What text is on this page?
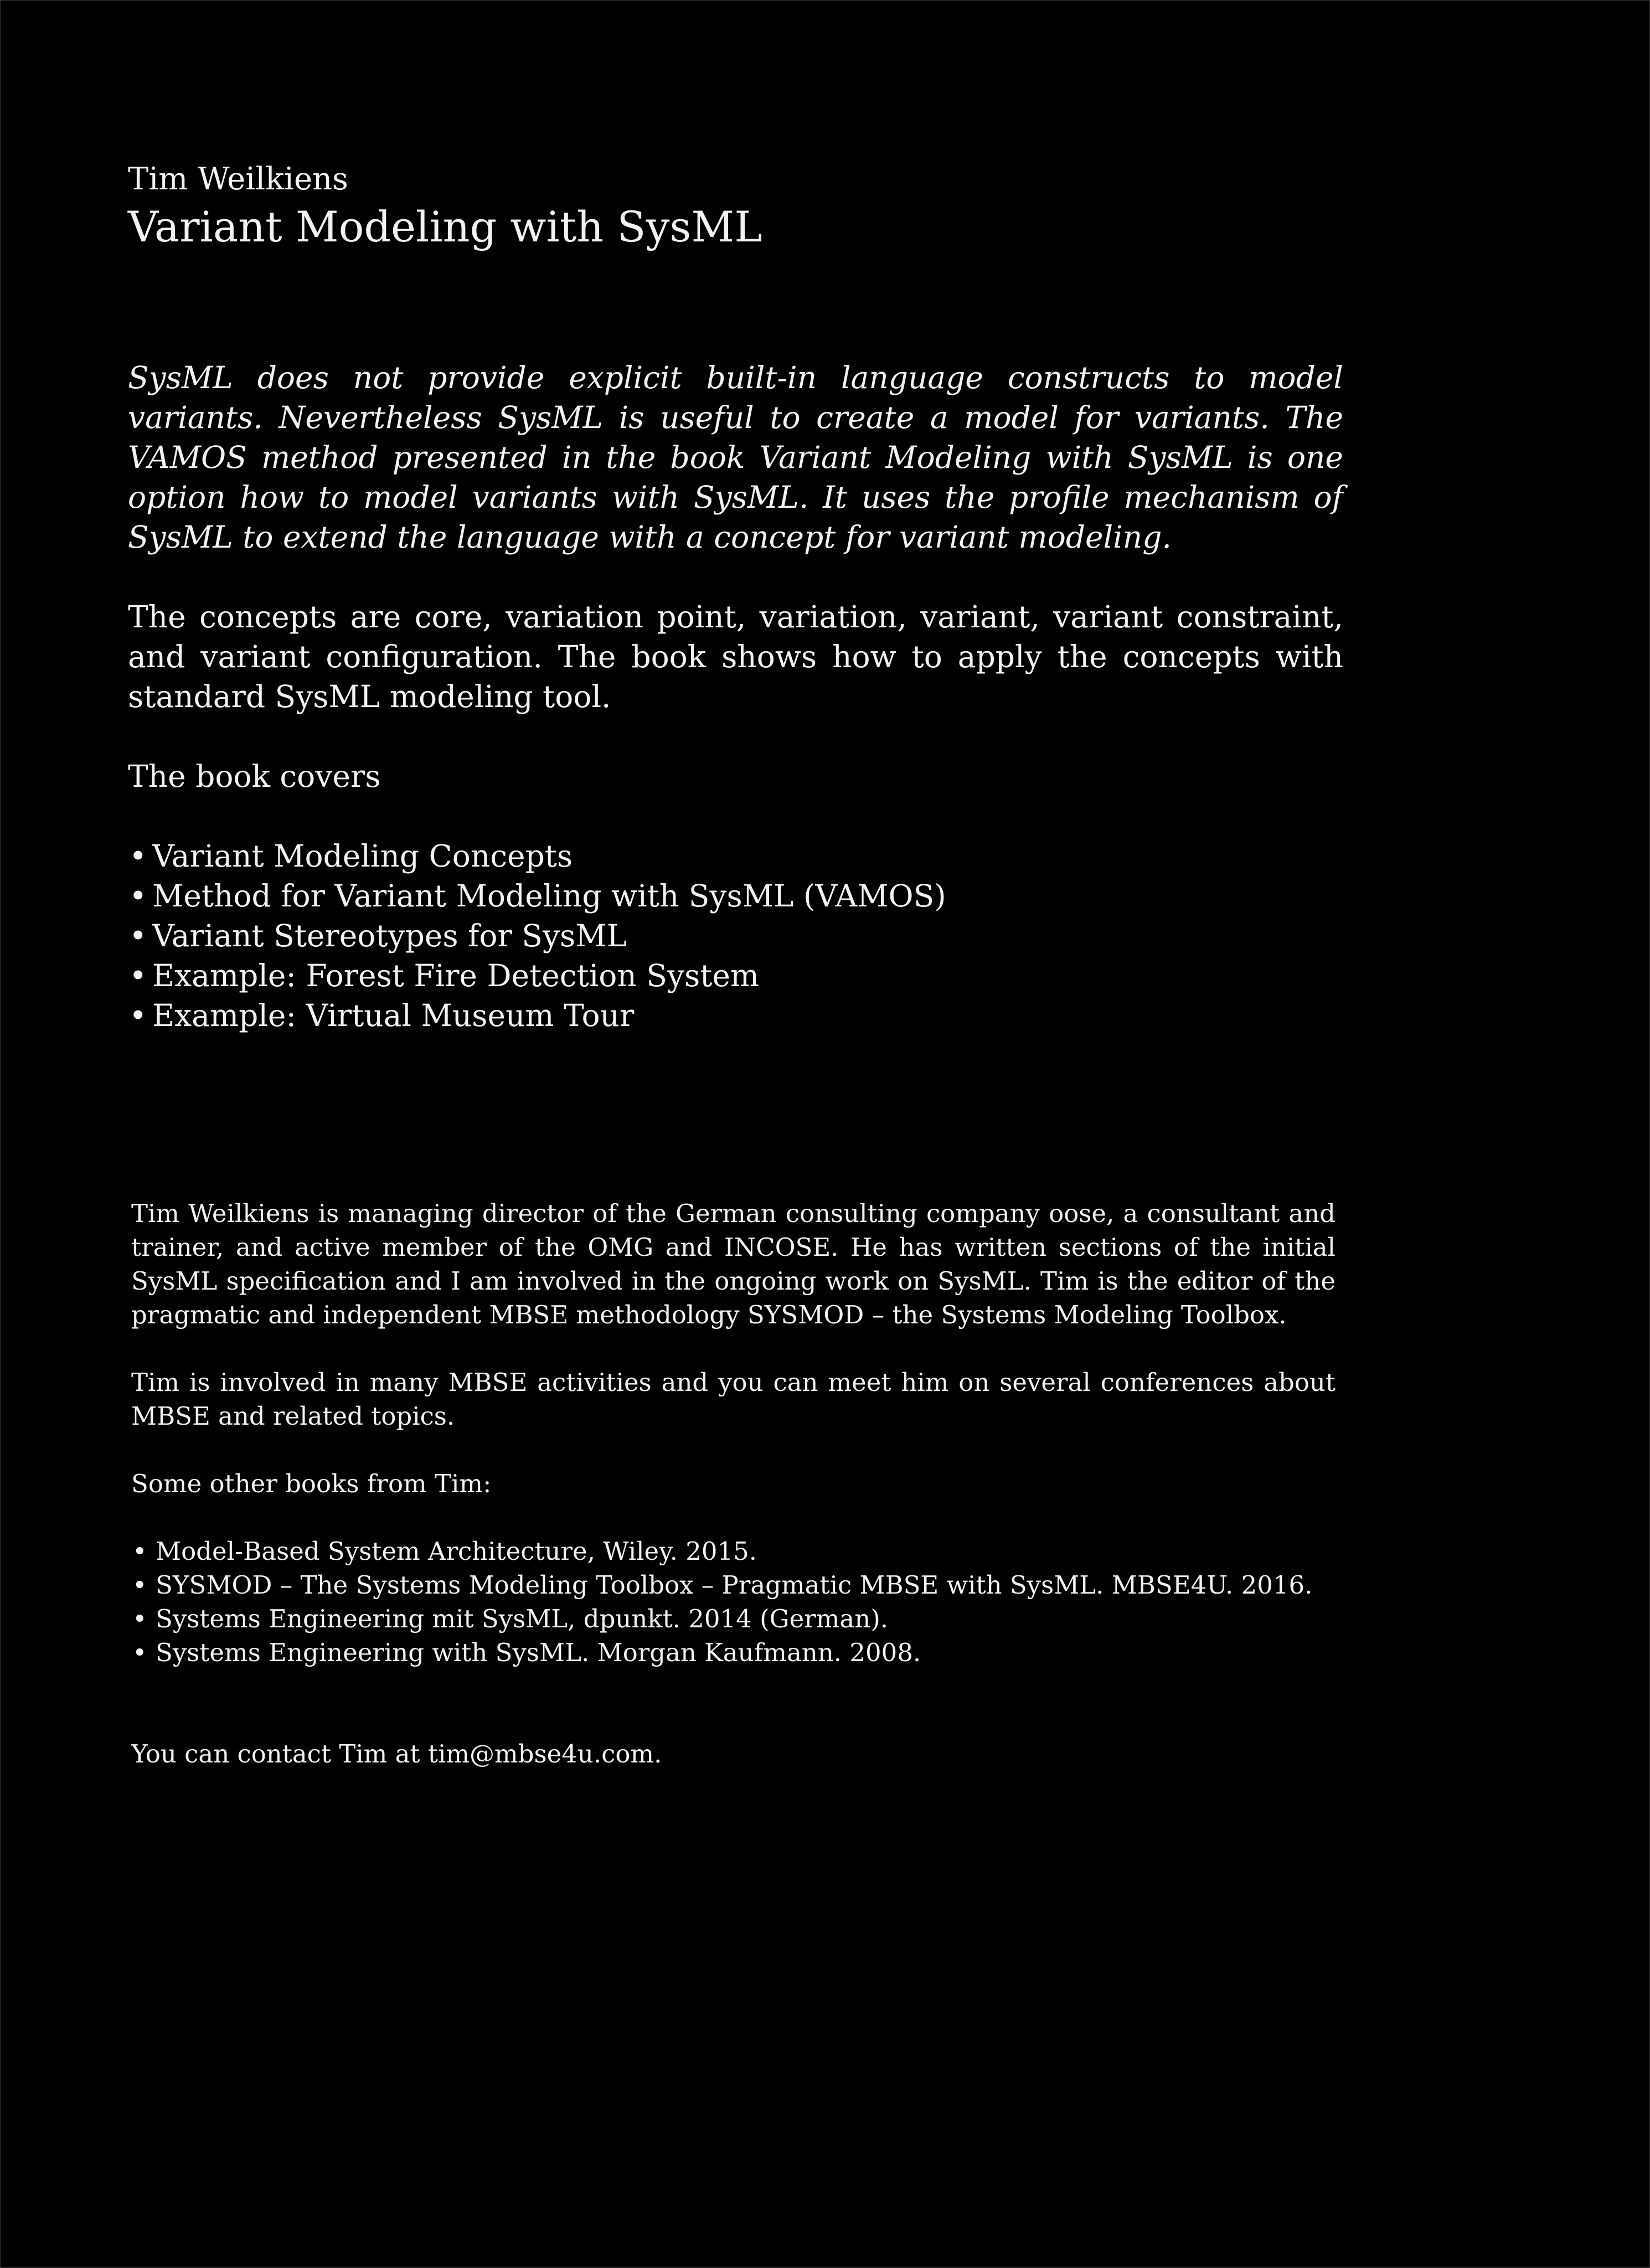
Tim Weilkiens
Variant Modeling with SysML

SysML does not provide explicit built-in language constructs to model variants. Nevertheless SysML is useful to create a model for variants. The VAMOS method presented in the book Variant Modeling with SysML is one option how to model variants with SysML. It uses the profile mechanism of SysML to extend the language with a concept for variant modeling.

The concepts are core, variation point, variation, variant, variant constraint, and variant configuration. The book shows how to apply the concepts with standard SysML modeling tool.

The book covers

• Variant Modeling Concepts
• Method for Variant Modeling with SysML (VAMOS)
• Variant Stereotypes for SysML
• Example: Forest Fire Detection System
• Example: Virtual Museum Tour

Tim Weilkiens is managing director of the German consulting company oose, a consultant and trainer, and active member of the OMG and INCOSE. He has written sections of the initial SysML specification and I am involved in the ongoing work on SysML. Tim is the editor of the pragmatic and independent MBSE methodology SYSMOD – the Systems Modeling Toolbox.

Tim is involved in many MBSE activities and you can meet him on several conferences about MBSE and related topics.

Some other books from Tim:

• Model-Based System Architecture, Wiley. 2015.
• SYSMOD – The Systems Modeling Toolbox – Pragmatic MBSE with SysML. MBSE4U. 2016.
• Systems Engineering mit SysML, dpunkt. 2014 (German).
• Systems Engineering with SysML. Morgan Kaufmann. 2008.

You can contact Tim at tim@mbse4u.com.
